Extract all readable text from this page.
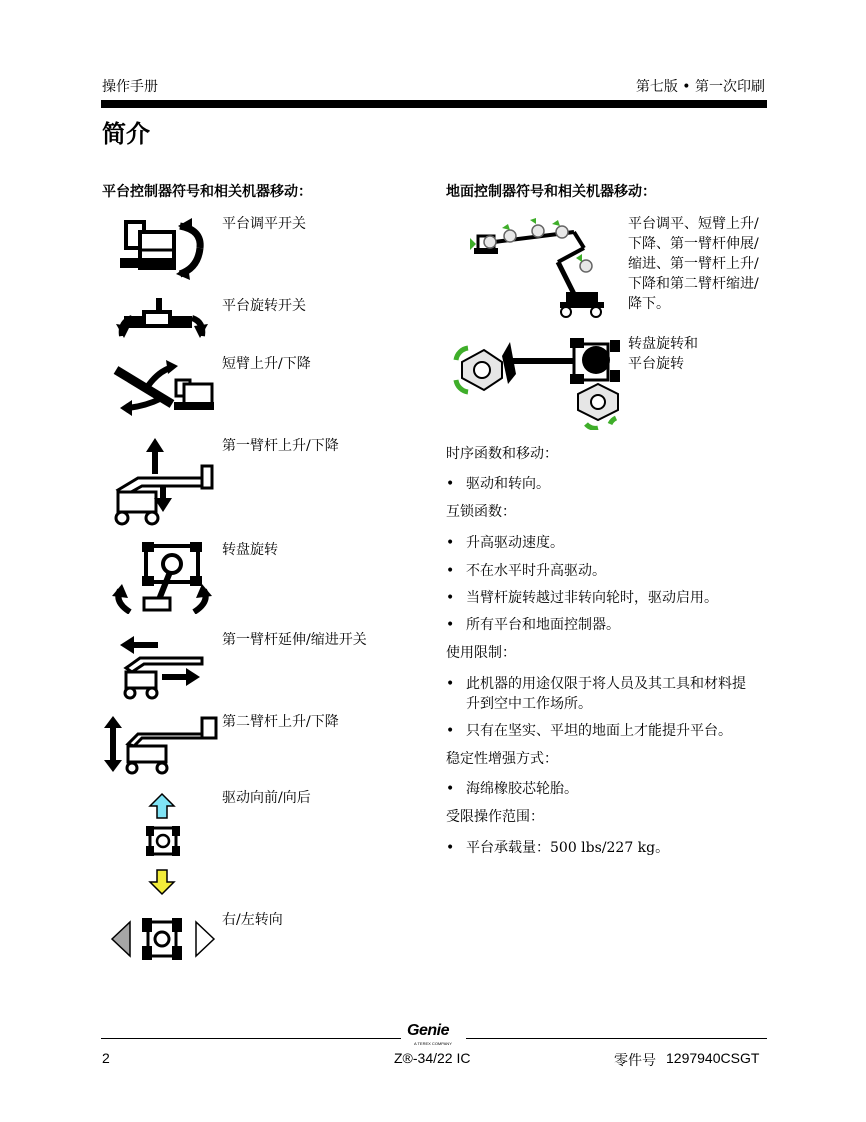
操作手册	第七版 • 第一次印刷
简介
平台控制器符号和相关机器移动：	地面控制器符号和相关机器移动：
平台调平开关
平台旋转开关
短臂上升/下降
第一臂杆上升/下降
转盘旋转
第一臂杆延伸/缩进开关
第二臂杆上升/下降
驱动向前/向后
右/左转向
平台调平、短臂上升/
下降、第一臂杆伸展/
缩进、第一臂杆上升/
下降和第二臂杆缩进/
降下。
转盘旋转和
平台旋转
时序函数和移动：
• 驱动和转向。
互锁函数：
• 升高驱动速度。
• 不在水平时升高驱动。
• 当臂杆旋转越过非转向轮时，驱动启用。
• 所有平台和地面控制器。
使用限制：
• 此机器的用途仅限于将人员及其工具和材料提
升到空中工作场所。
• 只有在坚实、平坦的地面上才能提升平台。
稳定性增强方式：
• 海绵橡胶芯轮胎。
受限操作范围：
• 平台承载量：500 lbs/227 kg。
Genie
A TEREX COMPANY
2	Z®-34/22 IC	零件号 1297940CSGT
